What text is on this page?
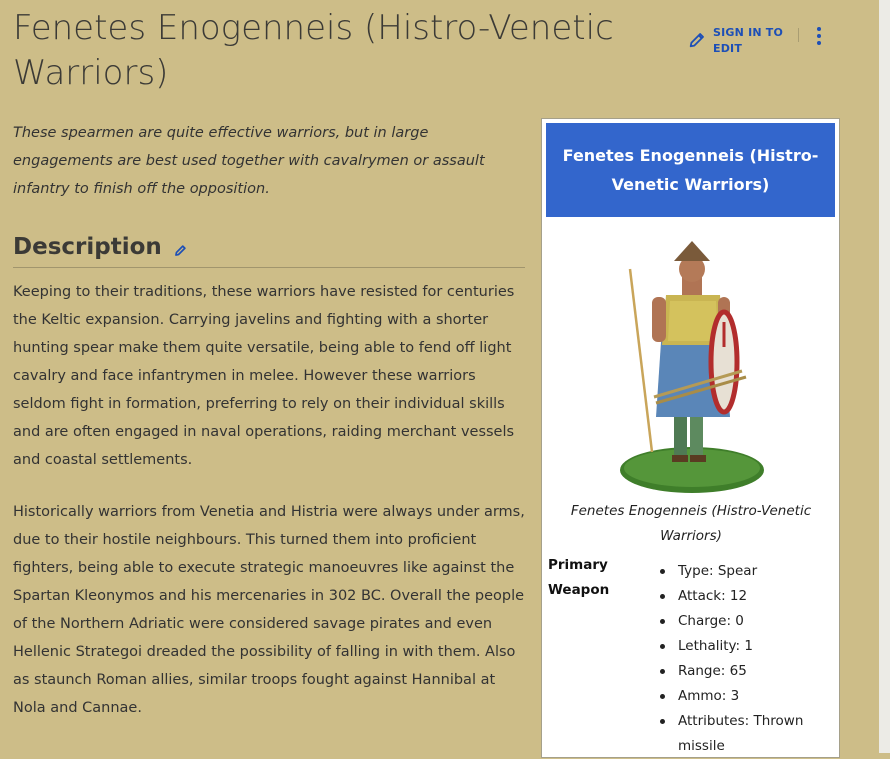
Fenetes Enogenneis (Histro-Venetic Warriors)
SIGN IN TO EDIT

These spearmen are quite effective warriors, but in large engagements are best used together with cavalrymen or assault infantry to finish off the opposition.

Description

Keeping to their traditions, these warriors have resisted for centuries the Keltic expansion. Carrying javelins and fighting with a shorter hunting spear make them quite versatile, being able to fend off light cavalry and face infantrymen in melee. However these warriors seldom fight in formation, preferring to rely on their individual skills and are often engaged in naval operations, raiding merchant vessels and coastal settlements.

Historically warriors from Venetia and Histria were always under arms, due to their hostile neighbours. This turned them into proficient fighters, being able to execute strategic manoeuvres like against the Spartan Kleonymos and his mercenaries in 302 BC. Overall the people of the Northern Adriatic were considered savage pirates and even Hellenic Strategoi dreaded the possibility of falling in with them. Also as staunch Roman allies, similar troops fought against Hannibal at Nola and Cannae.

Fenetes Enogenneis (Histro-Venetic Warriors)
Fenetes Enogenneis (Histro-Venetic Warriors)
Primary Weapon
Type: Spear
Attack: 12
Charge: 0
Lethality: 1
Range: 65
Ammo: 3
Attributes: Thrown missile
